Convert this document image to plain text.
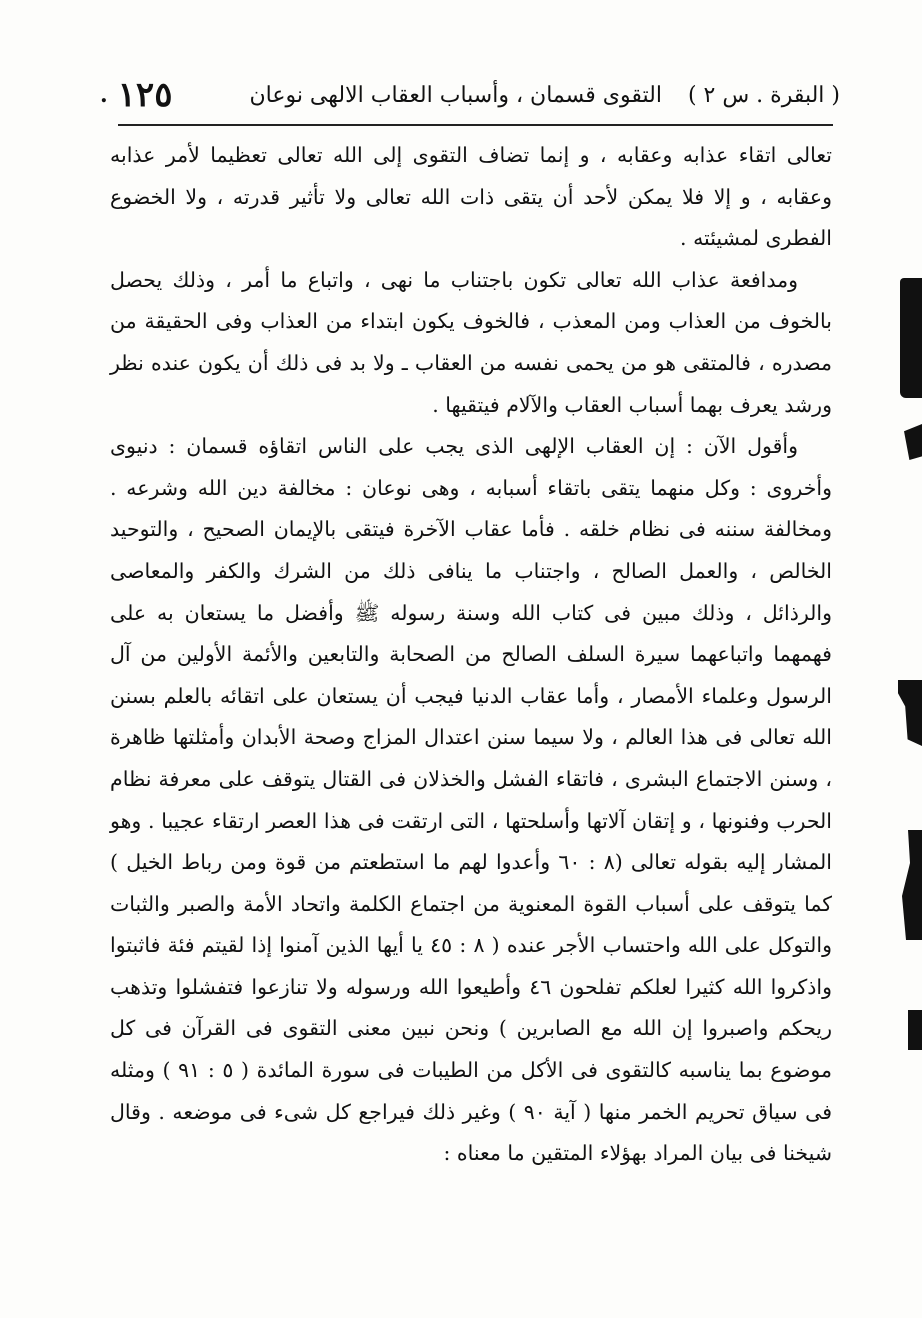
( البقرة . س ٢ )
التقوى قسمان ، وأسباب العقاب الالهى نوعان
. ١٢٥

تعالى اتقاء عذابه وعقابه ، و إنما تضاف التقوى إلى الله تعالى تعظيما لأمر عذابه وعقابه ، و إلا فلا يمكن لأحد أن يتقى ذات الله تعالى ولا تأثير قدرته ، ولا الخضوع الفطرى لمشيئته .

ومدافعة عذاب الله تعالى تكون باجتناب ما نهى ، واتباع ما أمر ، وذلك يحصل بالخوف من العذاب ومن المعذب ، فالخوف يكون ابتداء من العذاب وفى الحقيقة من مصدره ، فالمتقى هو من يحمى نفسه من العقاب ـ ولا بد فى ذلك أن يكون عنده نظر ورشد يعرف بهما أسباب العقاب والآلام فيتقيها .

وأقول الآن : إن العقاب الإلهى الذى يجب على الناس اتقاؤه قسمان : دنيوى وأخروى : وكل منهما يتقى باتقاء أسبابه ، وهى نوعان : مخالفة دين الله وشرعه . ومخالفة سننه فى نظام خلقه . فأما عقاب الآخرة فيتقى بالإيمان الصحيح ، والتوحيد الخالص ، والعمل الصالح ، واجتناب ما ينافى ذلك من الشرك والكفر والمعاصى والرذائل ، وذلك مبين فى كتاب الله وسنة رسوله ﷺ وأفضل ما يستعان به على فهمهما واتباعهما سيرة السلف الصالح من الصحابة والتابعين والأئمة الأولين من آل الرسول وعلماء الأمصار ، وأما عقاب الدنيا فيجب أن يستعان على اتقائه بالعلم بسنن الله تعالى فى هذا العالم ، ولا سيما سنن اعتدال المزاج وصحة الأبدان وأمثلتها ظاهرة ، وسنن الاجتماع البشرى ، فاتقاء الفشل والخذلان فى القتال يتوقف على معرفة نظام الحرب وفنونها ، و إتقان آلاتها وأسلحتها ، التى ارتقت فى هذا العصر ارتقاء عجيبا . وهو المشار إليه بقوله تعالى (٨ : ٦٠ وأعدوا لهم ما استطعتم من قوة ومن رباط الخيل ) كما يتوقف على أسباب القوة المعنوية من اجتماع الكلمة واتحاد الأمة والصبر والثبات والتوكل على الله واحتساب الأجر عنده ( ٨ : ٤٥ يا أيها الذين آمنوا إذا لقيتم فئة فاثبتوا واذكروا الله كثيرا لعلكم تفلحون ٤٦ وأطيعوا الله ورسوله ولا تنازعوا فتفشلوا وتذهب ريحكم واصبروا إن الله مع الصابرين ) ونحن نبين معنى التقوى فى القرآن فى كل موضوع بما يناسبه كالتقوى فى الأكل من الطيبات فى سورة المائدة ( ٥ : ٩١ ) ومثله فى سياق تحريم الخمر منها ( آية ٩٠ ) وغير ذلك فيراجع كل شىء فى موضعه . وقال شيخنا فى بيان المراد بهؤلاء المتقين ما معناه :
